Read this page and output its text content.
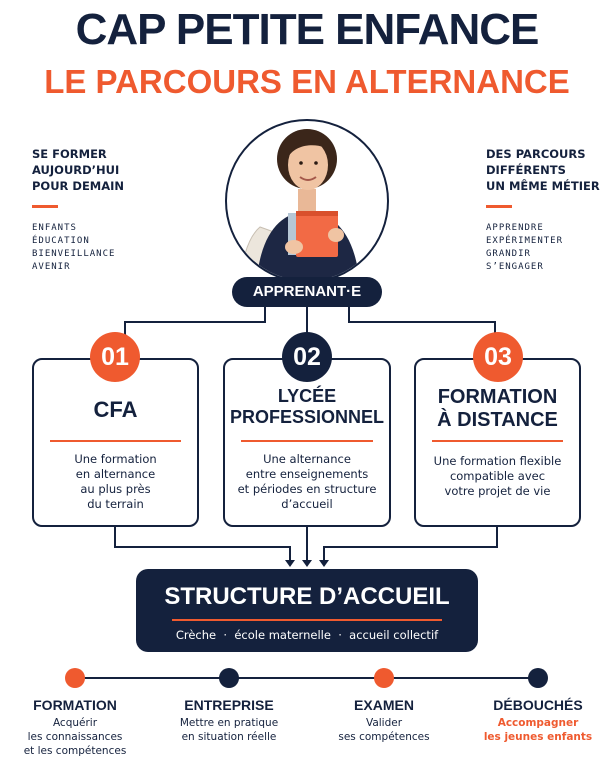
CAP PETITE ENFANCE
LE PARCOURS EN ALTERNANCE
SE FORMER
AUJOURD’HUI
POUR DEMAIN
ENFANTS
ÉDUCATION
BIENVEILLANCE
AVENIR
DES PARCOURS
DIFFÉRENTS
UN MÊME MÉTIER
APPRENDRE
EXPÉRIMENTER
GRANDIR
S’ENGAGER
APPRENANT·E
01
CFA
Une formation
en alternance
au plus près
du terrain
02
LYCÉE
PROFESSIONNEL
Une alternance
entre enseignements
et périodes en structure
d’accueil
03
FORMATION
À DISTANCE
Une formation flexible
compatible avec
votre projet de vie
STRUCTURE D’ACCUEIL
Crèche  ·  école maternelle  ·  accueil collectif
FORMATION
Acquérir
les connaissances
et les compétences
ENTREPRISE
Mettre en pratique
en situation réelle
EXAMEN
Valider
ses compétences
DÉBOUCHÉS
Accompagner
les jeunes enfants
